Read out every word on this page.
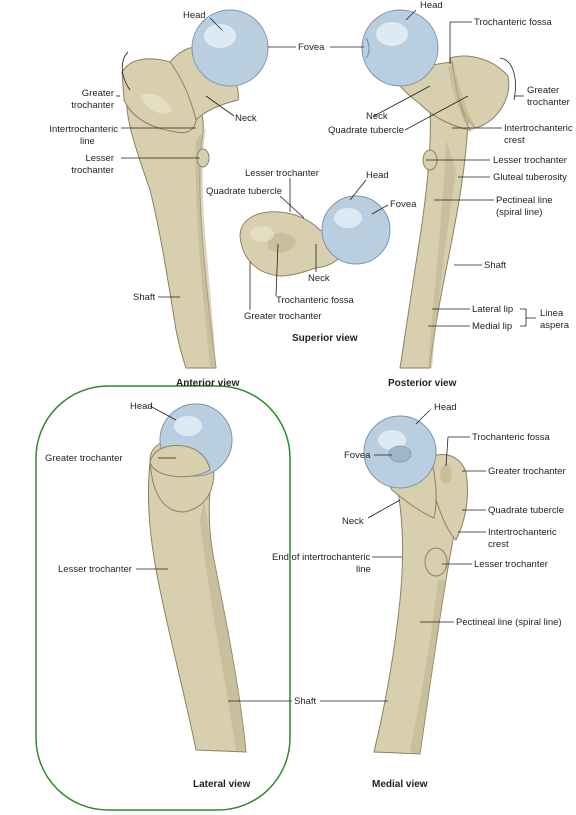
Head
Greater
trochanter
Intertrochanteric
line
Lesser
trochanter
Neck
Shaft
Anterior view
Fovea
Head
Trochanteric fossa
Greater
trochanter
Neck
Quadrate tubercle	Intertrochanteric
crest
Lesser trochanter
Gluteal tuberosity
Pectineal line
(spiral line)
Shaft
Lateral lip
Medial lip
Linea
aspera
Posterior view
Lesser trochanter	Head
Quadrate tubercle
Fovea
Neck
Trochanteric fossa
Greater trochanter
Superior view
Head
Greater trochanter
Lesser trochanter
Shaft
Lateral view
Head
Fovea
Trochanteric fossa
Greater trochanter
Quadrate tubercle
Intertrochanteric
crest
Neck
End of intertrochanteric
line	Lesser trochanter
Pectineal line (spiral line)
Medial view
